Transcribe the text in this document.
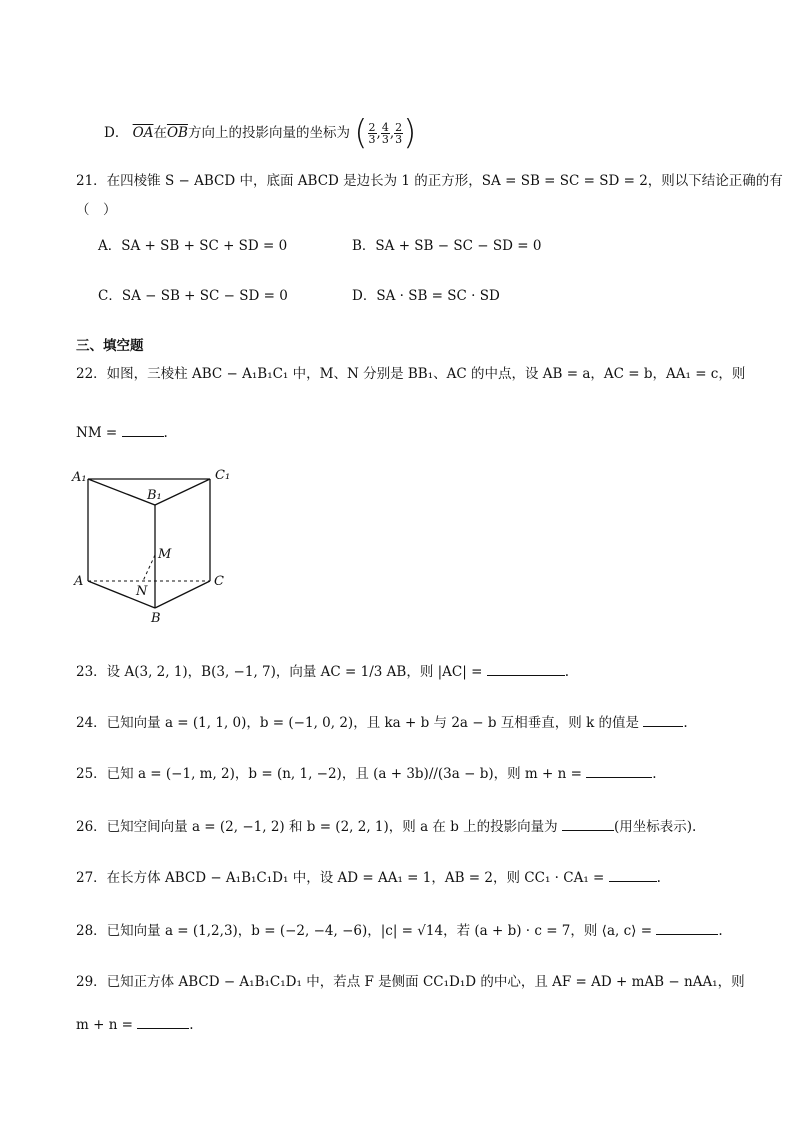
D． $\overline{OA}$在$\overline{OB}$方向上的投影向量的坐标为 ( $\frac{2}{3}$ , $\frac{4}{3}$ , $\frac{2}{3}$ )
21．在四棱锥 S − ABCD 中，底面 ABCD 是边长为 1 的正方形，SA = SB = SC = SD = 2，则以下结论正确的有
（　）
A．SA + SB + SC + SD = 0	B．SA + SB − SC − SD = 0
C．SA − SB + SC − SD = 0	D．SA · SB = SC · SD
三、填空题
22．如图，三棱柱 ABC − A₁B₁C₁ 中，M、N 分别是 BB₁、AC 的中点，设 AB = a，AC = b，AA₁ = c，则
NM =	.
A₁	C₁
B₁
M
A
N
C
B
23．设 A(3, 2, 1)，B(3, −1, 7)，向量 AC = 1/3 AB，则 |AC| =	.
24．已知向量 a = (1, 1, 0)，b = (−1, 0, 2)，且 ka + b 与 2a − b 互相垂直，则 k 的值是	.
25．已知 a = (−1, m, 2)，b = (n, 1, −2)，且 (a + 3b)//(3a − b)，则 m + n =	.
26．已知空间向量 a = (2, −1, 2) 和 b = (2, 2, 1)，则 a 在 b 上的投影向量为	(用坐标表示).
27．在长方体 ABCD − A₁B₁C₁D₁ 中，设 AD = AA₁ = 1，AB = 2，则 CC₁ · CA₁ =	.
28．已知向量 a = (1,2,3)，b = (−2, −4, −6)，|c| = √14，若 (a + b) · c = 7，则 ⟨a, c⟩ =	.
29．已知正方体 ABCD − A₁B₁C₁D₁ 中，若点 F 是侧面 CC₁D₁D 的中心，且 AF = AD + mAB − nAA₁，则
m + n =	.
